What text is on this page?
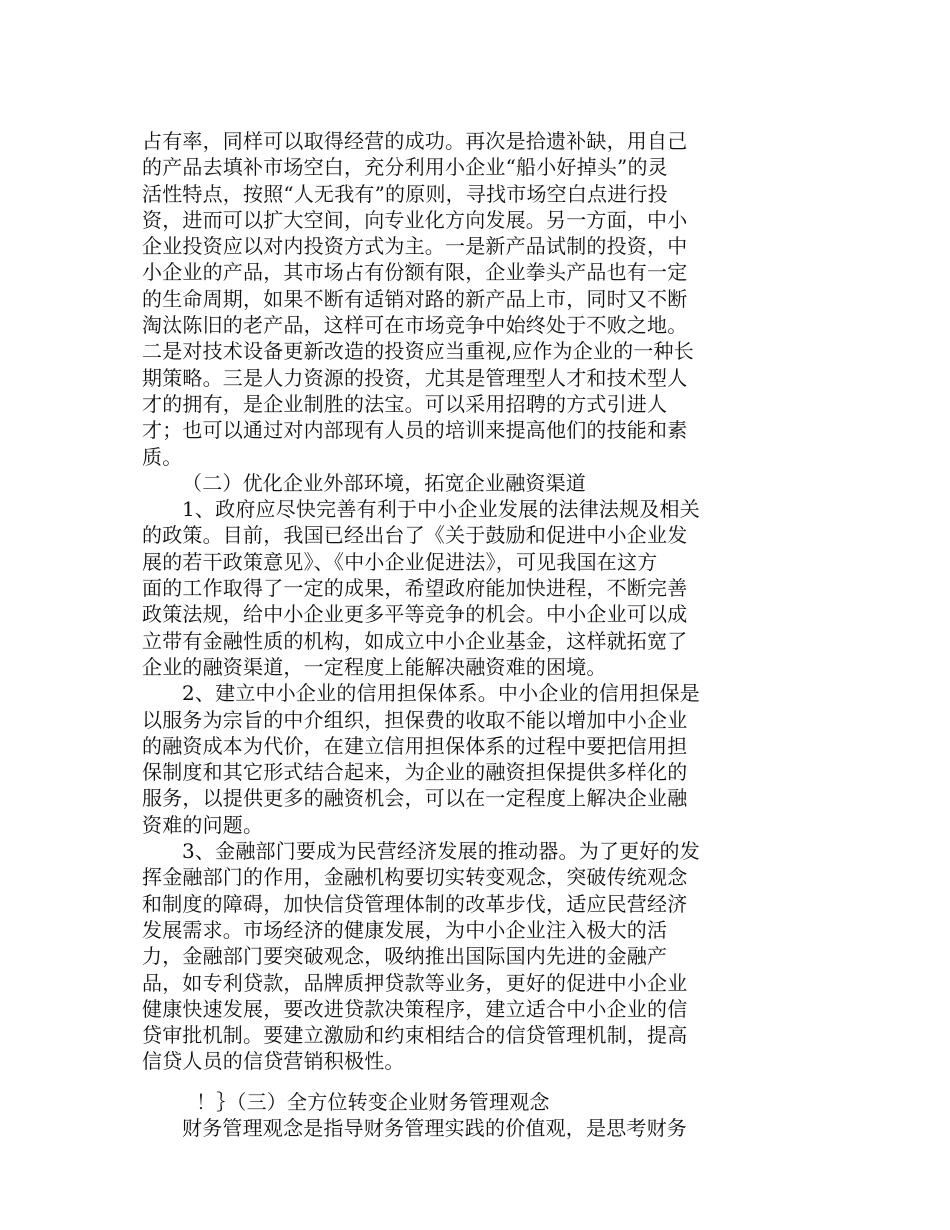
占有率，同样可以取得经营的成功。再次是拾遗补缺，用自己
的产品去填补市场空白，充分利用小企业“船小好掉头”的灵
活性特点，按照“人无我有”的原则，寻找市场空白点进行投
资，进而可以扩大空间，向专业化方向发展。另一方面，中小
企业投资应以对内投资方式为主。一是新产品试制的投资，中
小企业的产品，其市场占有份额有限，企业拳头产品也有一定
的生命周期，如果不断有适销对路的新产品上市，同时又不断
淘汰陈旧的老产品，这样可在市场竞争中始终处于不败之地。
二是对技术设备更新改造的投资应当重视,应作为企业的一种长
期策略。三是人力资源的投资，尤其是管理型人才和技术型人
才的拥有，是企业制胜的法宝。可以采用招聘的方式引进人
才；也可以通过对内部现有人员的培训来提高他们的技能和素
质。
（二）优化企业外部环境，拓宽企业融资渠道
1、政府应尽快完善有利于中小企业发展的法律法规及相关
的政策。目前，我国已经出台了《关于鼓励和促进中小企业发
展的若干政策意见》、《中小企业促进法》，可见我国在这方
面的工作取得了一定的成果，希望政府能加快进程，不断完善
政策法规，给中小企业更多平等竞争的机会。中小企业可以成
立带有金融性质的机构，如成立中小企业基金，这样就拓宽了
企业的融资渠道，一定程度上能解决融资难的困境。
2、建立中小企业的信用担保体系。中小企业的信用担保是
以服务为宗旨的中介组织，担保费的收取不能以增加中小企业
的融资成本为代价，在建立信用担保体系的过程中要把信用担
保制度和其它形式结合起来，为企业的融资担保提供多样化的
服务，以提供更多的融资机会，可以在一定程度上解决企业融
资难的问题。
3、金融部门要成为民营经济发展的推动器。为了更好的发
挥金融部门的作用，金融机构要切实转变观念，突破传统观念
和制度的障碍，加快信贷管理体制的改革步伐，适应民营经济
发展需求。市场经济的健康发展，为中小企业注入极大的活
力，金融部门要突破观念，吸纳推出国际国内先进的金融产
品，如专利贷款，品牌质押贷款等业务，更好的促进中小企业
健康快速发展，要改进贷款决策程序，建立适合中小企业的信
贷审批机制。要建立激励和约束相结合的信贷管理机制，提高
信贷人员的信贷营销积极性。
！｝（三）全方位转变企业财务管理观念
财务管理观念是指导财务管理实践的价值观，是思考财务
